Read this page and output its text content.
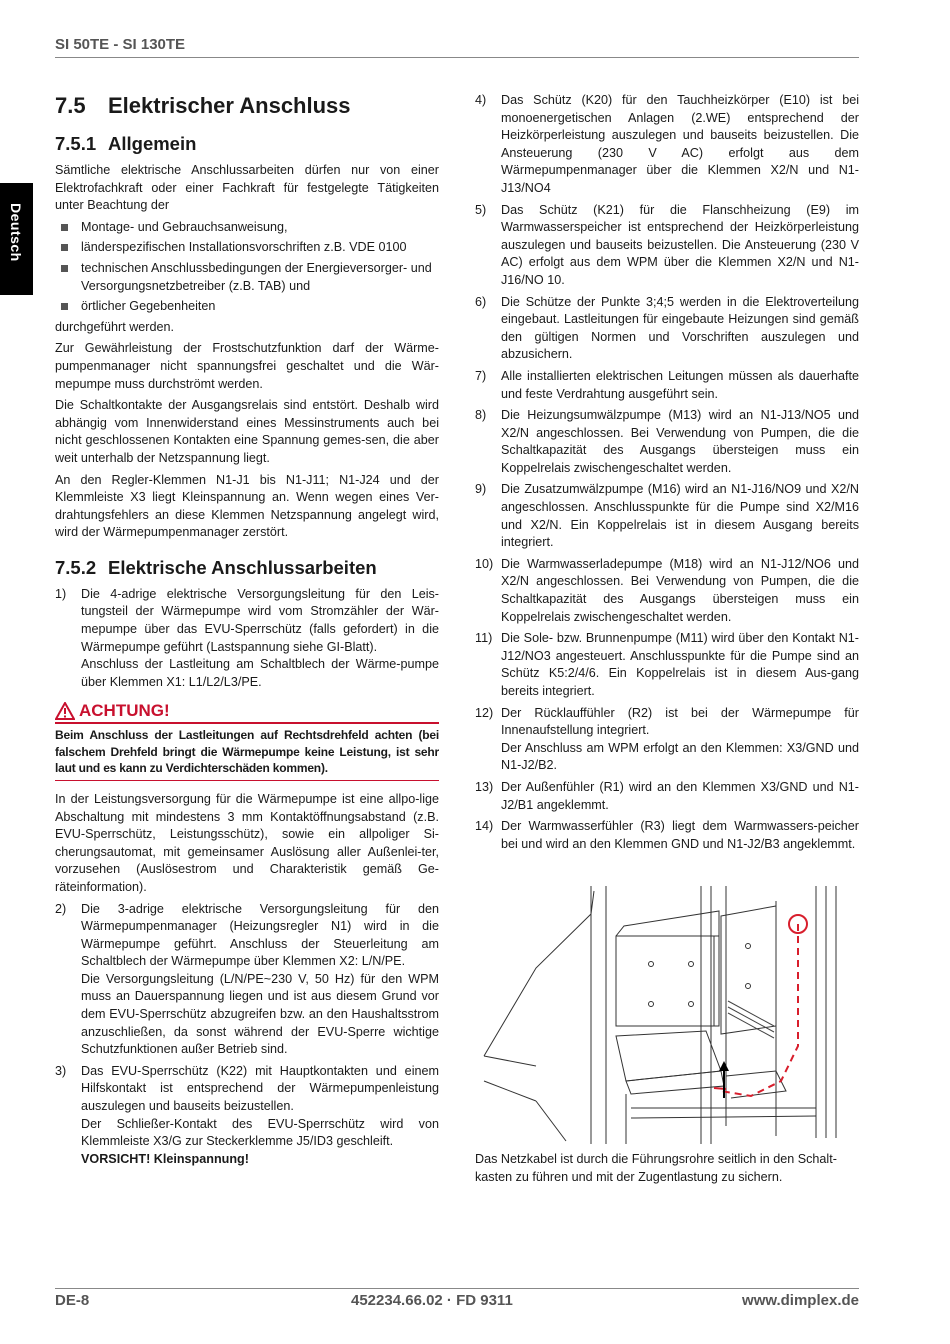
SI 50TE - SI 130TE
Deutsch
7.5 Elektrischer Anschluss
7.5.1 Allgemein

Sämtliche elektrische Anschlussarbeiten dürfen nur von einer Elektrofachkraft oder einer Fachkraft für festgelegte Tätigkeiten unter Beachtung der

Montage- und Gebrauchsanweisung,
länderspezifischen Installationsvorschriften z.B. VDE 0100
technischen Anschlussbedingungen der Energieversorger- und Versorgungsnetzbetreiber (z.B. TAB) und
örtlicher Gegebenheiten

durchgeführt werden.

Zur Gewährleistung der Frostschutzfunktion darf der Wärme-pumpenmanager nicht spannungsfrei geschaltet und die Wär-mepumpe muss durchströmt werden.

Die Schaltkontakte der Ausgangsrelais sind entstört. Deshalb wird abhängig vom Innenwiderstand eines Messinstruments auch bei nicht geschlossenen Kontakten eine Spannung gemes-sen, die aber weit unterhalb der Netzspannung liegt.

An den Regler-Klemmen N1-J1 bis N1-J11; N1-J24 und der Klemmleiste X3 liegt Kleinspannung an. Wenn wegen eines Ver-drahtungsfehlers an diese Klemmen Netzspannung angelegt wird, wird der Wärmepumpenmanager zerstört.

7.5.2 Elektrische Anschlussarbeiten
1) Die 4-adrige elektrische Versorgungsleitung für den Leis-tungsteil der Wärmepumpe wird vom Stromzähler der Wär-mepumpe über das EVU-Sperrschütz (falls gefordert) in die Wärmepumpe geführt (Lastspannung siehe GI-Blatt).
Anschluss der Lastleitung am Schaltblech der Wärme-pumpe über Klemmen X1: L1/L2/L3/PE.
ACHTUNG!
Beim Anschluss der Lastleitungen auf Rechtsdrehfeld achten (bei falschem Drehfeld bringt die Wärmepumpe keine Leistung, ist sehr laut und es kann zu Verdichterschäden kommen).

In der Leistungsversorgung für die Wärmepumpe ist eine allpo-lige Abschaltung mit mindestens 3 mm Kontaktöffnungsabstand (z.B. EVU-Sperrschütz, Leistungsschütz), sowie ein allpoliger Si-cherungsautomat, mit gemeinsamer Auslösung aller Außenlei-ter, vorzusehen (Auslösestrom und Charakteristik gemäß Ge-räteinformation).

2) Die 3-adrige elektrische Versorgungsleitung für den Wärmepumpenmanager (Heizungsregler N1) wird in die Wärmepumpe geführt. Anschluss der Steuerleitung am Schaltblech der Wärmepumpe über Klemmen X2: L/N/PE.
Die Versorgungsleitung (L/N/PE~230 V, 50 Hz) für den WPM muss an Dauerspannung liegen und ist aus diesem Grund vor dem EVU-Sperrschütz abzugreifen bzw. an den Haushaltsstrom anzuschließen, da sonst während der EVU-Sperre wichtige Schutzfunktionen außer Betrieb sind.
3) Das EVU-Sperrschütz (K22) mit Hauptkontakten und einem Hilfskontakt ist entsprechend der Wärmepumpenleistung auszulegen und bauseits beizustellen.
Der Schließer-Kontakt des EVU-Sperrschütz wird von Klemmleiste X3/G zur Steckerklemme J5/ID3 geschleift.
VORSICHT! Kleinspannung!
4) Das Schütz (K20) für den Tauchheizkörper (E10) ist bei monoenergetischen Anlagen (2.WE) entsprechend der Heizkörperleistung auszulegen und bauseits beizustellen. Die Ansteuerung (230 V AC) erfolgt aus dem Wärmepumpenmanager über die Klemmen X2/N und N1-J13/NO4
5) Das Schütz (K21) für die Flanschheizung (E9) im Warmwasserspeicher ist entsprechend der Heizkörperleistung auszulegen und bauseits beizustellen. Die Ansteuerung (230 V AC) erfolgt aus dem WPM über die Klemmen X2/N und N1-J16/NO 10.
6) Die Schütze der Punkte 3;4;5 werden in die Elektroverteilung eingebaut. Lastleitungen für eingebaute Heizungen sind gemäß den gültigen Normen und Vorschriften auszulegen und abzusichern.
7) Alle installierten elektrischen Leitungen müssen als dauerhafte und feste Verdrahtung ausgeführt sein.
8) Die Heizungsumwälzpumpe (M13) wird an N1-J13/NO5 und X2/N angeschlossen. Bei Verwendung von Pumpen, die die Schaltkapazität des Ausgangs übersteigen muss ein Koppelrelais zwischengeschaltet werden.
9) Die Zusatzumwälzpumpe (M16) wird an N1-J16/NO9 und X2/N angeschlossen. Anschlusspunkte für die Pumpe sind X2/M16 und X2/N. Ein Koppelrelais ist in diesem Ausgang bereits integriert.
10) Die Warmwasserladepumpe (M18) wird an N1-J12/NO6 und X2/N angeschlossen. Bei Verwendung von Pumpen, die die Schaltkapazität des Ausgangs übersteigen muss ein Koppelrelais zwischengeschaltet werden.
11) Die Sole- bzw. Brunnenpumpe (M11) wird über den Kontakt N1-J12/NO3 angesteuert. Anschlusspunkte für die Pumpe sind an Schütz K5:2/4/6. Ein Koppelrelais ist in diesem Aus-gang bereits integriert.
12) Der Rücklauffühler (R2) ist bei der Wärmepumpe für Innenaufstellung integriert.
Der Anschluss am WPM erfolgt an den Klemmen: X3/GND und N1-J2/B2.
13) Der Außenfühler (R1) wird an den Klemmen X3/GND und N1-J2/B1 angeklemmt.
14) Der Warmwasserfühler (R3) liegt dem Warmwassers-peicher bei und wird an den Klemmen GND und N1-J2/B3 angeklemmt.
Das Netzkabel ist durch die Führungsrohre seitlich in den Schalt-kasten zu führen und mit der Zugentlastung zu sichern.
DE-8	452234.66.02 · FD 9311	www.dimplex.de
